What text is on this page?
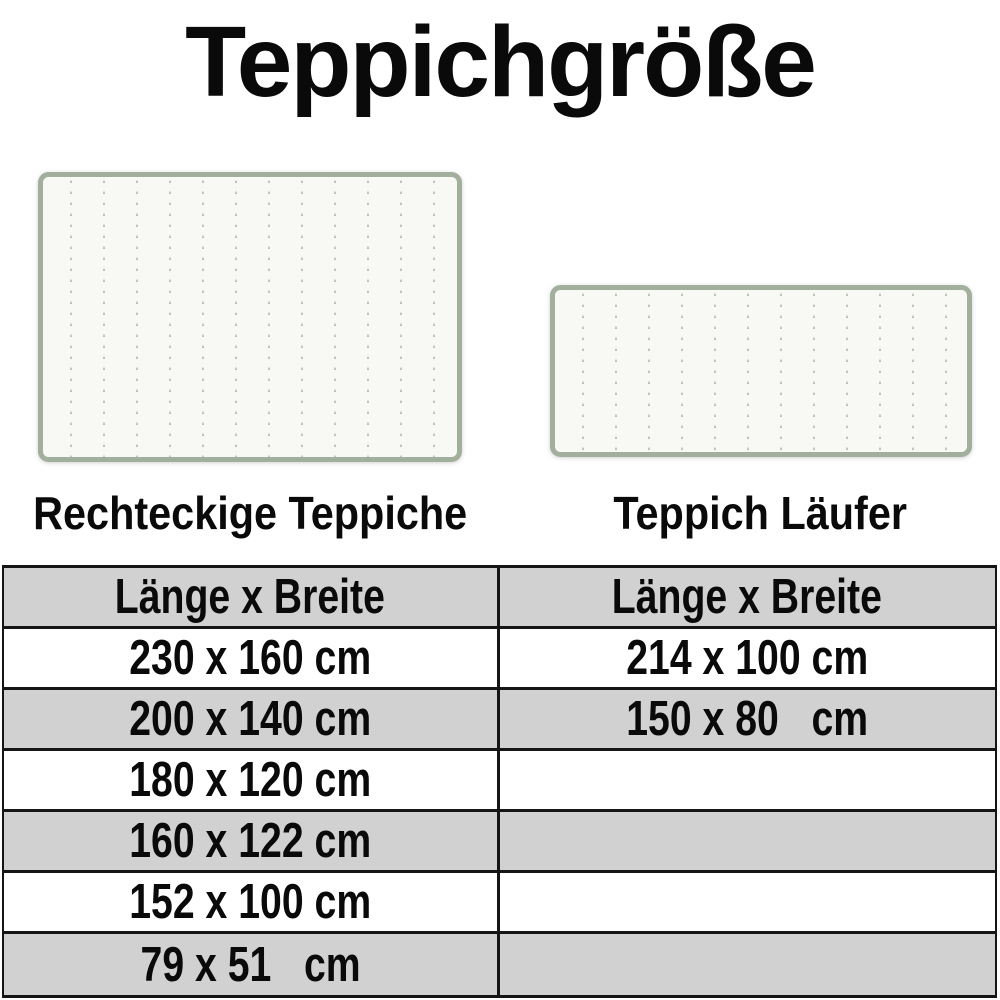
Teppichgröße
Rechteckige Teppiche	Teppich Läufer
Länge x Breite	Länge x Breite
230 x 160 cm	214 x 100 cm
200 x 140 cm	150 x 80   cm
180 x 120 cm
160 x 122 cm
152 x 100 cm
79 x 51   cm
